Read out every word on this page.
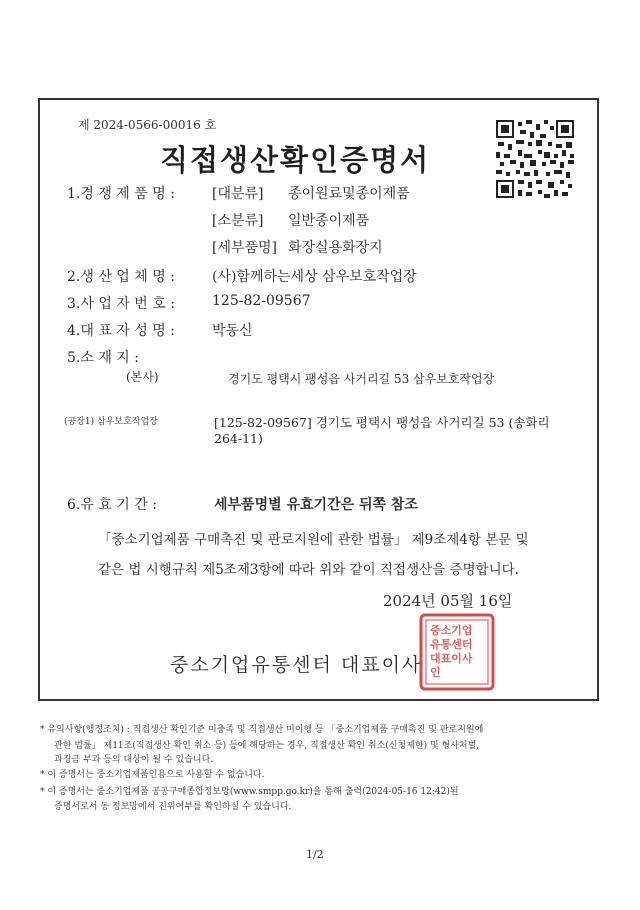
제 2024-0566-00016 호
직접생산확인증명서
1.경 쟁 제 품 명 :	[대분류] 종이원료및종이제품
[소분류] 일반종이제품
[세부품명] 화장실용화장지
2.생 산 업 체 명 :	(사)함께하는세상 삼우보호작업장
3.사 업 자 번 호 :	125-82-09567
4.대 표 자 성 명 :	박동신
5.소 재 지 :
(본사)	경기도 평택시 팽성읍 사거리길 53 삼우보호작업장
(공장1) 삼우보호작업장	[125-82-09567] 경기도 평택시 팽성읍 사거리길 53 (송화리
264-11)
6.유 효 기 간 :	세부품명별 유효기간은 뒤쪽 참조
「중소기업제품 구매촉진 및 판로지원에 관한 법률」 제9조제4항 본문 및
같은 법 시행규칙 제5조제3항에 따라 위와 같이 직접생산을 증명합니다.
2024년 05월 16일
중소기업
유통센터
대표이사
인
중소기업유통센터 대표이사
* 유의사항(행정조치) : 직접생산 확인기준 미충족 및 직접생산 미이행 등 「중소기업제품 구매촉진 및 판로지원에
관한 법률」 제11조(직접생산 확인 취소 등) 등에 해당하는 경우, 직접생산 확인 취소(신청제한) 및 형사처벌,
과징금 부과 등의 대상이 될 수 있습니다.
* 이 증명서는 중소기업제품인용으로 사용할 수 없습니다.
* 이 증명서는 중소기업제품 공공구매종합정보망(www.smpp.go.kr)을 통해 출력(2024-05-16 12:42)된
증명서로서 동 정보망에서 진위여부를 확인하실 수 있습니다.
1/2
